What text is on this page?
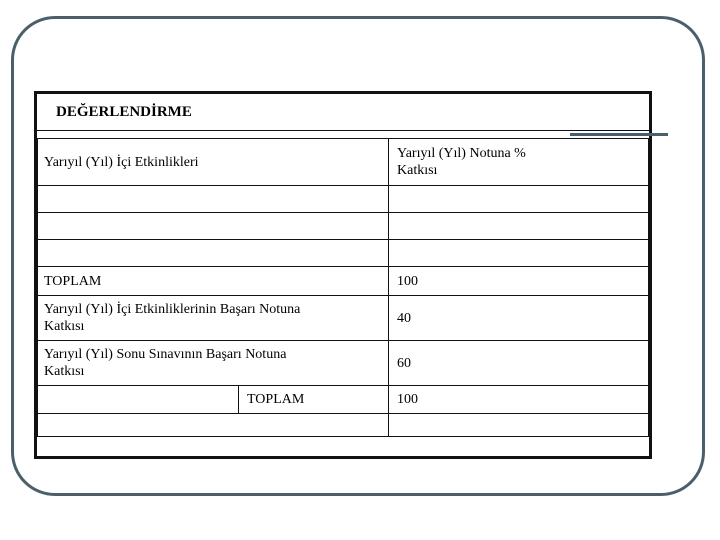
DEĞERLENDİRME
Yarıyıl (Yıl) İçi Etkinlikleri	Yarıyıl (Yıl) Notuna %
Katkısı

TOPLAM	100

Yarıyıl (Yıl) İçi Etkinliklerinin Başarı Notuna
Katkısı	40

Yarıyıl (Yıl) Sonu Sınavının Başarı Notuna
Katkısı	60

TOPLAM	100
